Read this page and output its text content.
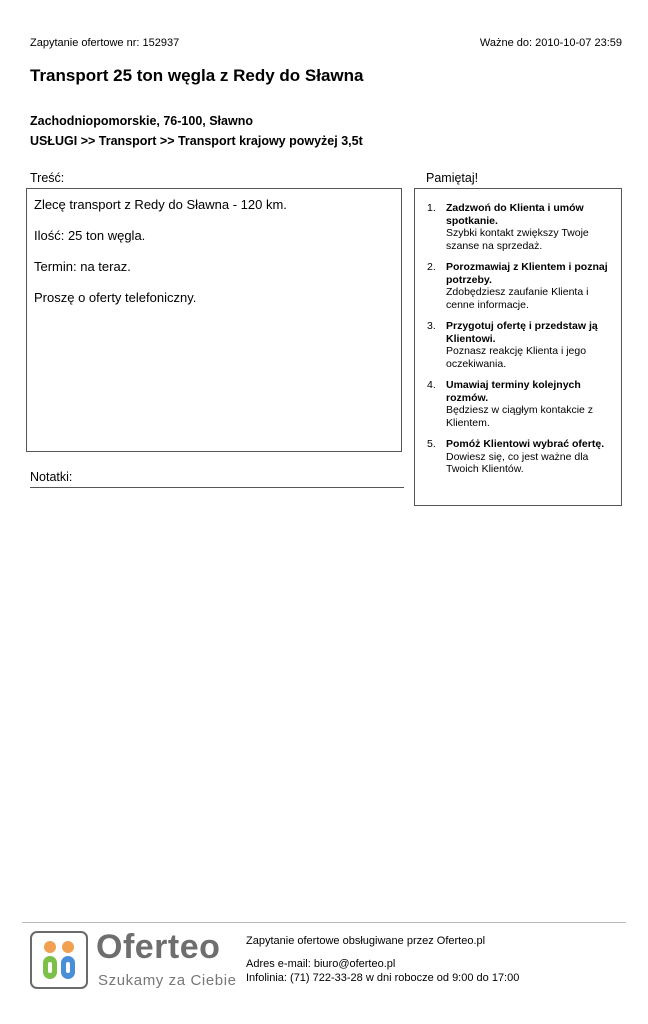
Zapytanie ofertowe nr: 152937	Ważne do: 2010-10-07 23:59
Transport 25 ton węgla z Redy do Sławna
Zachodniopomorskie, 76-100, Sławno
USŁUGI >> Transport >> Transport krajowy powyżej 3,5t
Treść:	Pamiętaj!

Zlecę transport z Redy do Sławna - 120 km.

Ilość: 25 ton węgla.

Termin: na teraz.

Proszę o oferty telefoniczny.

Notatki:
1. Zadzwoń do Klienta i umów spotkanie.
Szybki kontakt zwiększy Twoje szanse na sprzedaż.
2. Porozmawiaj z Klientem i poznaj potrzeby.
Zdobędziesz zaufanie Klienta i cenne informacje.
3. Przygotuj ofertę i przedstaw ją Klientowi.
Poznasz reakcję Klienta i jego oczekiwania.
4. Umawiaj terminy kolejnych rozmów.
Będziesz w ciągłym kontakcie z Klientem.
5. Pomóż Klientowi wybrać ofertę.
Dowiesz się, co jest ważne dla Twoich Klientów.
Oferteo
Szukamy za Ciebie
Zapytanie ofertowe obsługiwane przez Oferteo.pl
Adres e-mail: biuro@oferteo.pl
Infolinia: (71) 722-33-28 w dni robocze od 9:00 do 17:00
